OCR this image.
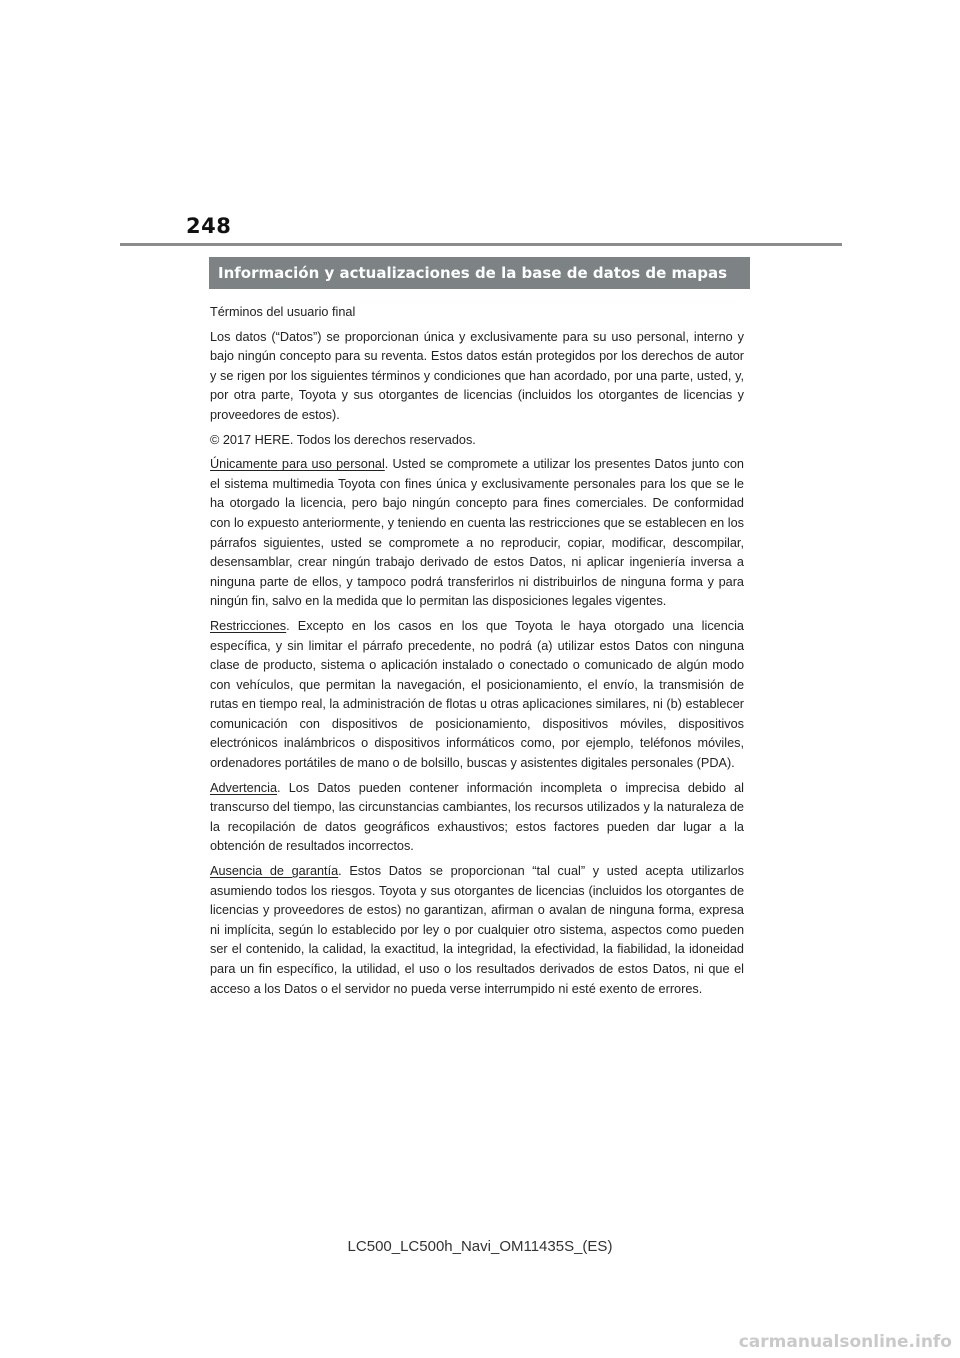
248
Información y actualizaciones de la base de datos de mapas

Términos del usuario final

Los datos (“Datos”) se proporcionan única y exclusivamente para su uso personal, interno y bajo ningún concepto para su reventa. Estos datos están protegidos por los derechos de autor y se rigen por los siguientes términos y condiciones que han acordado, por una parte, usted, y, por otra parte, Toyota y sus otorgantes de licencias (incluidos los otorgantes de licencias y proveedores de estos).

© 2017 HERE. Todos los derechos reservados.

Únicamente para uso personal. Usted se compromete a utilizar los presentes Datos junto con el sistema multimedia Toyota con fines única y exclusivamente personales para los que se le ha otorgado la licencia, pero bajo ningún concepto para fines comerciales. De conformidad con lo expuesto anteriormente, y teniendo en cuenta las restricciones que se establecen en los párrafos siguientes, usted se compromete a no reproducir, copiar, modificar, descompilar, desensamblar, crear ningún trabajo derivado de estos Datos, ni aplicar ingeniería inversa a ninguna parte de ellos, y tampoco podrá transferirlos ni distribuirlos de ninguna forma y para ningún fin, salvo en la medida que lo permitan las disposiciones legales vigentes.

Restricciones. Excepto en los casos en los que Toyota le haya otorgado una licencia específica, y sin limitar el párrafo precedente, no podrá (a) utilizar estos Datos con ninguna clase de producto, sistema o aplicación instalado o conectado o comunicado de algún modo con vehículos, que permitan la navegación, el posicionamiento, el envío, la transmisión de rutas en tiempo real, la administración de flotas u otras aplicaciones similares, ni (b) establecer comunicación con dispositivos de posicionamiento, dispositivos móviles, dispositivos electrónicos inalámbricos o dispositivos informáticos como, por ejemplo, teléfonos móviles, ordenadores portátiles de mano o de bolsillo, buscas y asistentes digitales personales (PDA).

Advertencia. Los Datos pueden contener información incompleta o imprecisa debido al transcurso del tiempo, las circunstancias cambiantes, los recursos utilizados y la naturaleza de la recopilación de datos geográficos exhaustivos; estos factores pueden dar lugar a la obtención de resultados incorrectos.

Ausencia de garantía. Estos Datos se proporcionan “tal cual” y usted acepta utilizarlos asumiendo todos los riesgos. Toyota y sus otorgantes de licencias (incluidos los otorgantes de licencias y proveedores de estos) no garantizan, afirman o avalan de ninguna forma, expresa ni implícita, según lo establecido por ley o por cualquier otro sistema, aspectos como pueden ser el contenido, la calidad, la exactitud, la integridad, la efectividad, la fiabilidad, la idoneidad para un fin específico, la utilidad, el uso o los resultados derivados de estos Datos, ni que el acceso a los Datos o el servidor no pueda verse interrumpido ni esté exento de errores.

LC500_LC500h_Navi_OM11435S_(ES)
carmanualsonline.info
